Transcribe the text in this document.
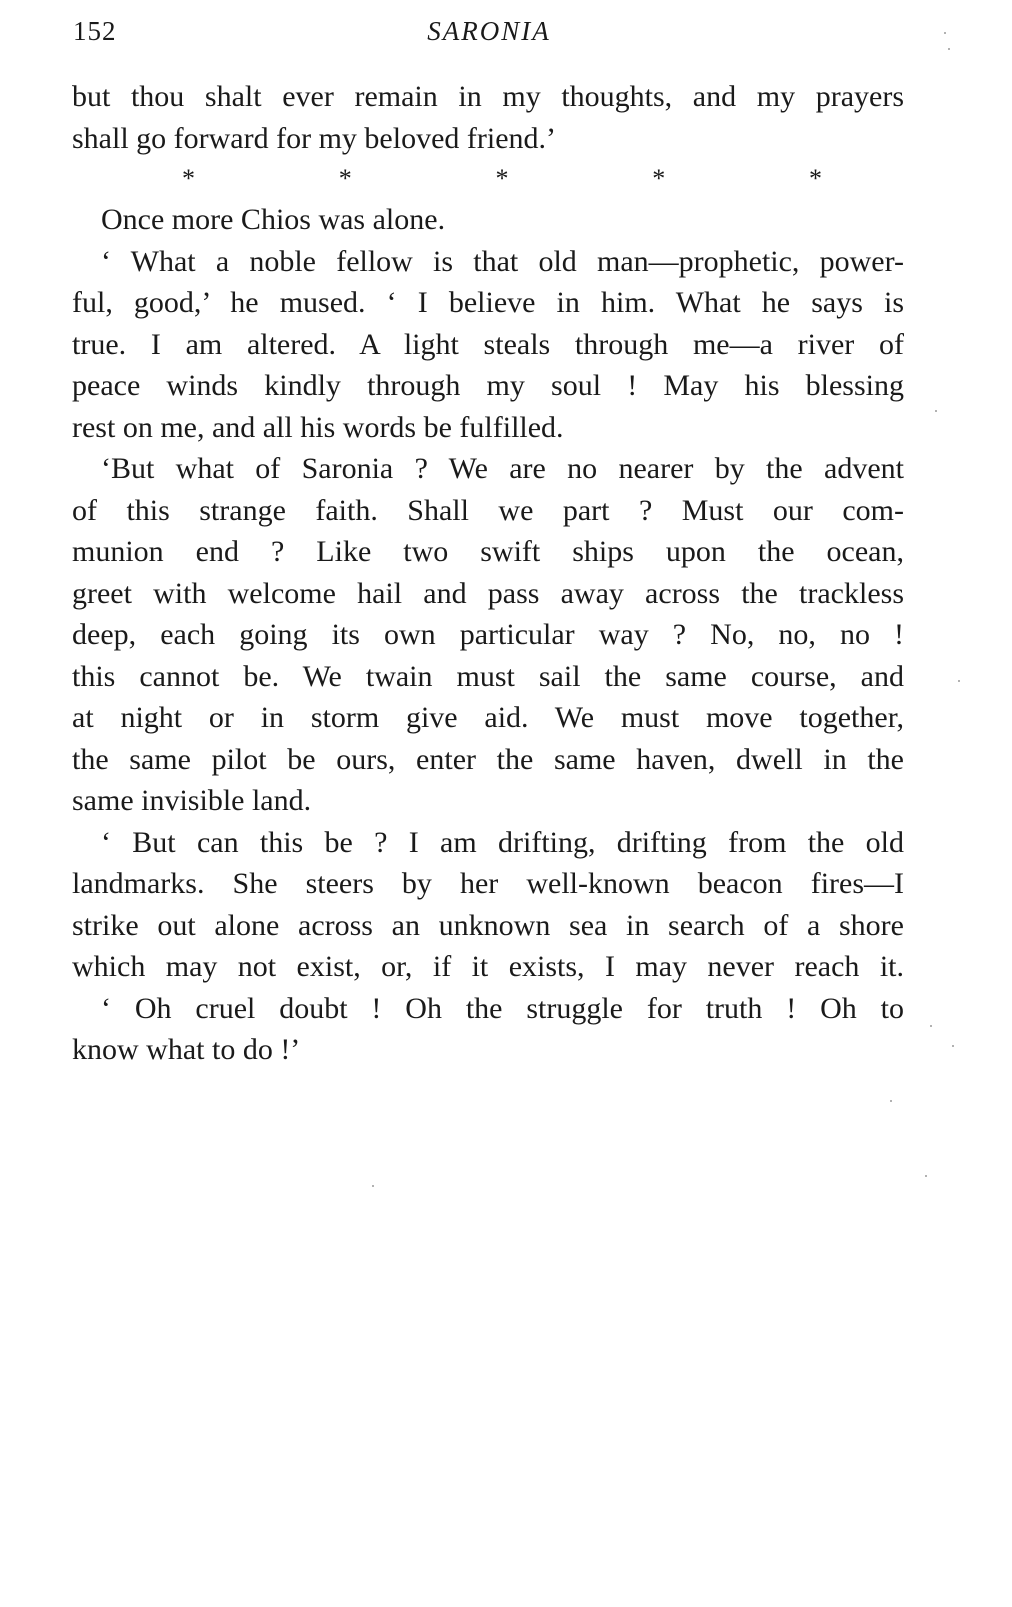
152	SARONIA
but thou shalt ever remain in my thoughts, and my prayers
shall go forward for my beloved friend.’
*	*	*	*	*
Once more Chios was alone.
‘ What a noble fellow is that old man—prophetic, power-
ful, good,’ he mused. ‘ I believe in him. What he says is
true. I am altered. A light steals through me—a river of
peace winds kindly through my soul ! May his blessing
rest on me, and all his words be fulfilled.
‘But what of Saronia ? We are no nearer by the advent
of this strange faith. Shall we part ? Must our com-
munion end ? Like two swift ships upon the ocean,
greet with welcome hail and pass away across the trackless
deep, each going its own particular way ? No, no, no !
this cannot be. We twain must sail the same course, and
at night or in storm give aid. We must move together,
the same pilot be ours, enter the same haven, dwell in the
same invisible land.
‘ But can this be ? I am drifting, drifting from the old
landmarks. She steers by her well-known beacon fires—I
strike out alone across an unknown sea in search of a shore
which may not exist, or, if it exists, I may never reach it.
‘ Oh cruel doubt ! Oh the struggle for truth ! Oh to
know what to do !’
